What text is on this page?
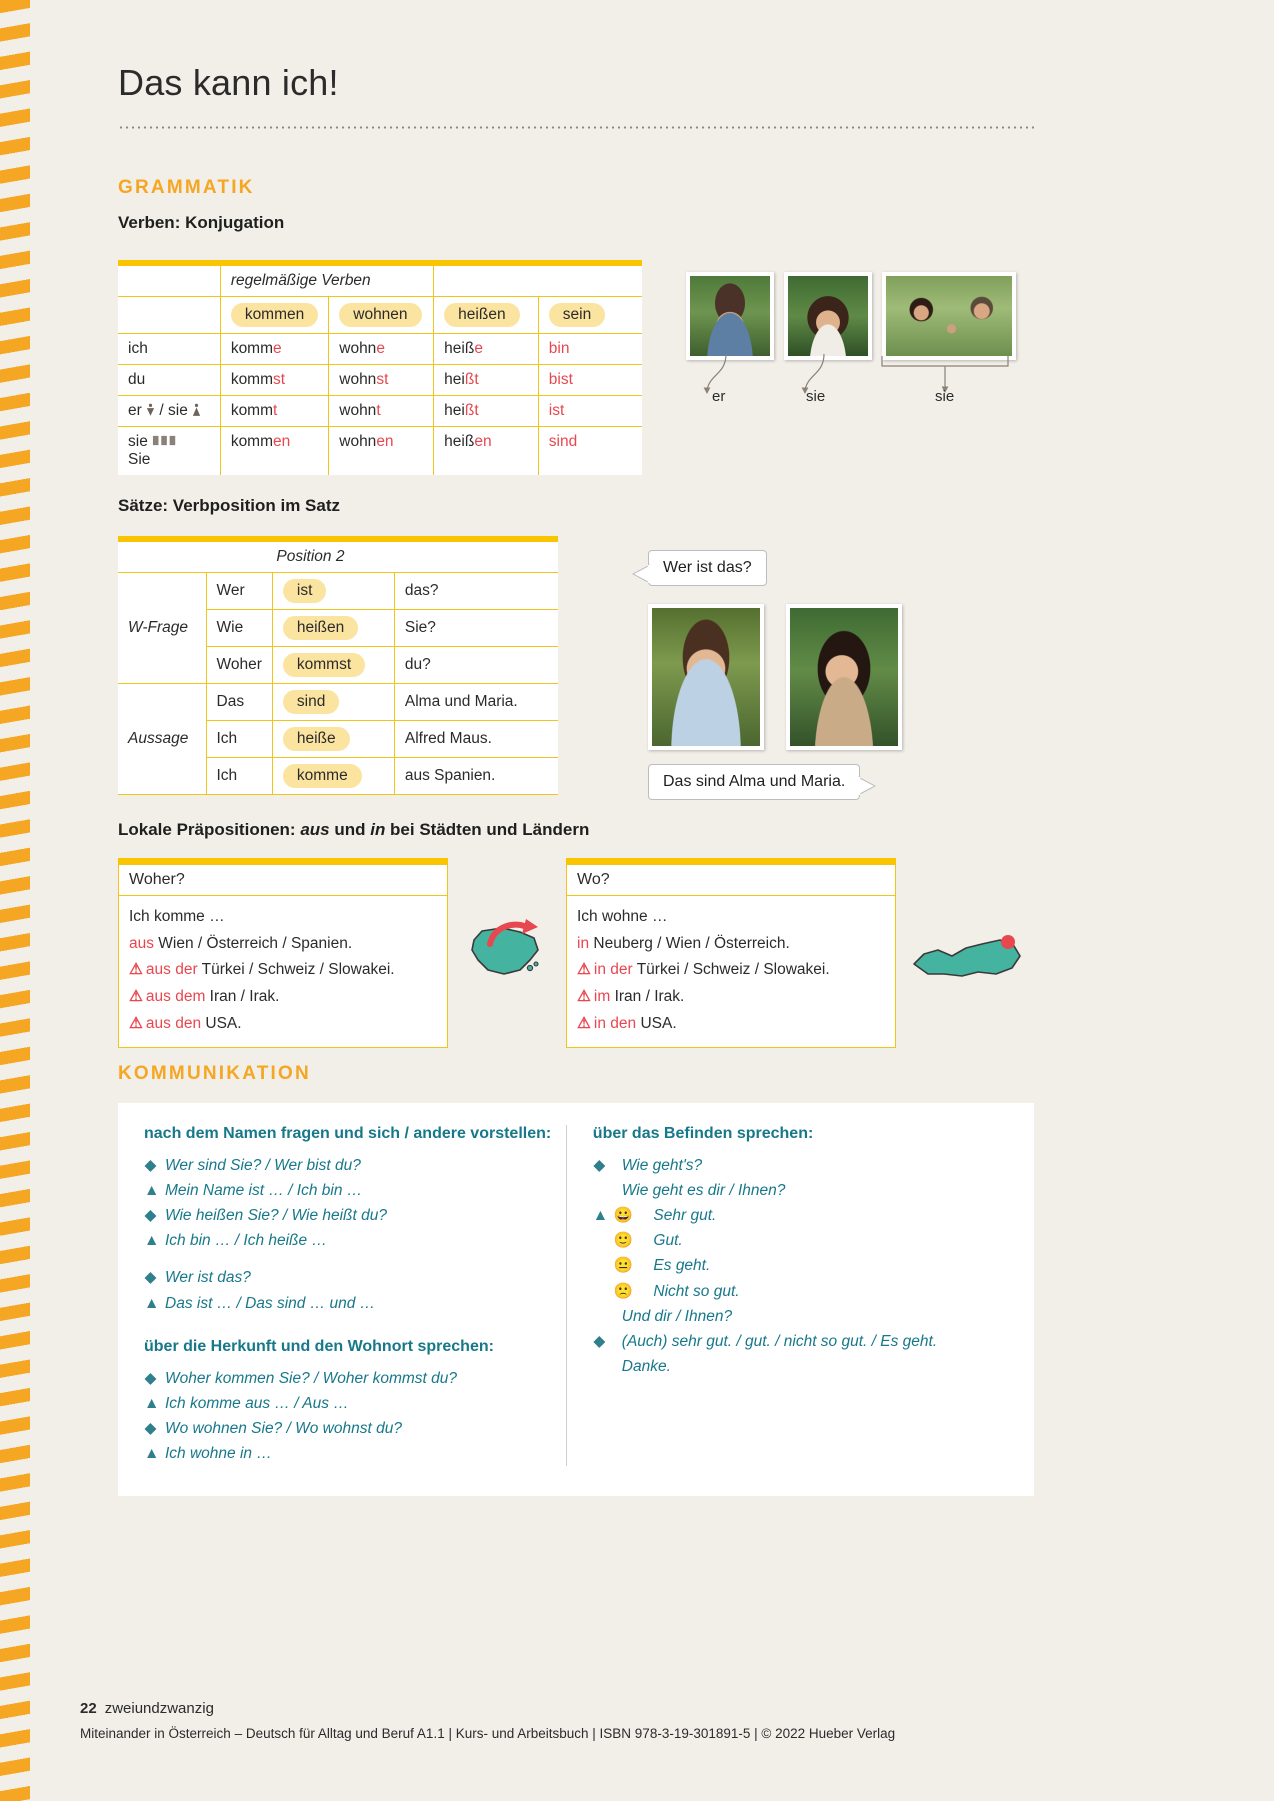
Das kann ich!
GRAMMATIK
Verben: Konjugation
	regelmäßige Verben			
	kommen	wohnen	heißen	sein
ich	komme	wohne	heiße	bin
du	kommst	wohnst	heißt	bist
er  / sie	kommt	wohnt	heißt	ist

sie
Sie	kommen	wohnen	heißen	sind
er	sie	sie
Sätze: Verbposition im Satz
		Position 2	
W-Frage	Wer	ist	das?
	Wie	heißen	Sie?
	Woher	kommst	du?
Aussage	Das	sind	Alma und Maria.
	Ich	heiße	Alfred Maus.
	Ich	komme	aus Spanien.
Wer ist das?
Das sind Alma und Maria.
Lokale Präpositionen: aus und in bei Städten und Ländern
Woher?
Ich komme …
aus Wien / Österreich / Spanien.
⚠ aus der Türkei / Schweiz / Slowakei.
⚠ aus dem Iran / Irak.
⚠ aus den USA.
Wo?
Ich wohne …
in Neuberg / Wien / Österreich.
⚠ in der Türkei / Schweiz / Slowakei.
⚠ im Iran / Irak.
⚠ in den USA.
KOMMUNIKATION
nach dem Namen fragen und sich / andere vorstellen:
◆ Wer sind Sie? / Wer bist du?
▲ Mein Name ist … / Ich bin …
◆ Wie heißen Sie? / Wie heißt du?
▲ Ich bin … / Ich heiße …
◆ Wer ist das?
▲ Das ist … / Das sind … und …
über die Herkunft und den Wohnort sprechen:
◆ Woher kommen Sie? / Woher kommst du?
▲ Ich komme aus … / Aus …
◆ Wo wohnen Sie? / Wo wohnst du?
▲ Ich wohne in …
über das Befinden sprechen:
◆ Wie geht's?
Wie geht es dir / Ihnen?
▲ 😀
Sehr gut.
🙂
Gut.
😐
Es geht.
🙁
Nicht so gut.
Und dir / Ihnen?
◆ (Auch) sehr gut. / gut. / nicht so gut. / Es geht.
Danke.
22 zweiundzwanzig
Miteinander in Österreich – Deutsch für Alltag und Beruf A1.1 | Kurs- und Arbeitsbuch | ISBN 978-3-19-301891-5 | © 2022 Hueber Verlag
